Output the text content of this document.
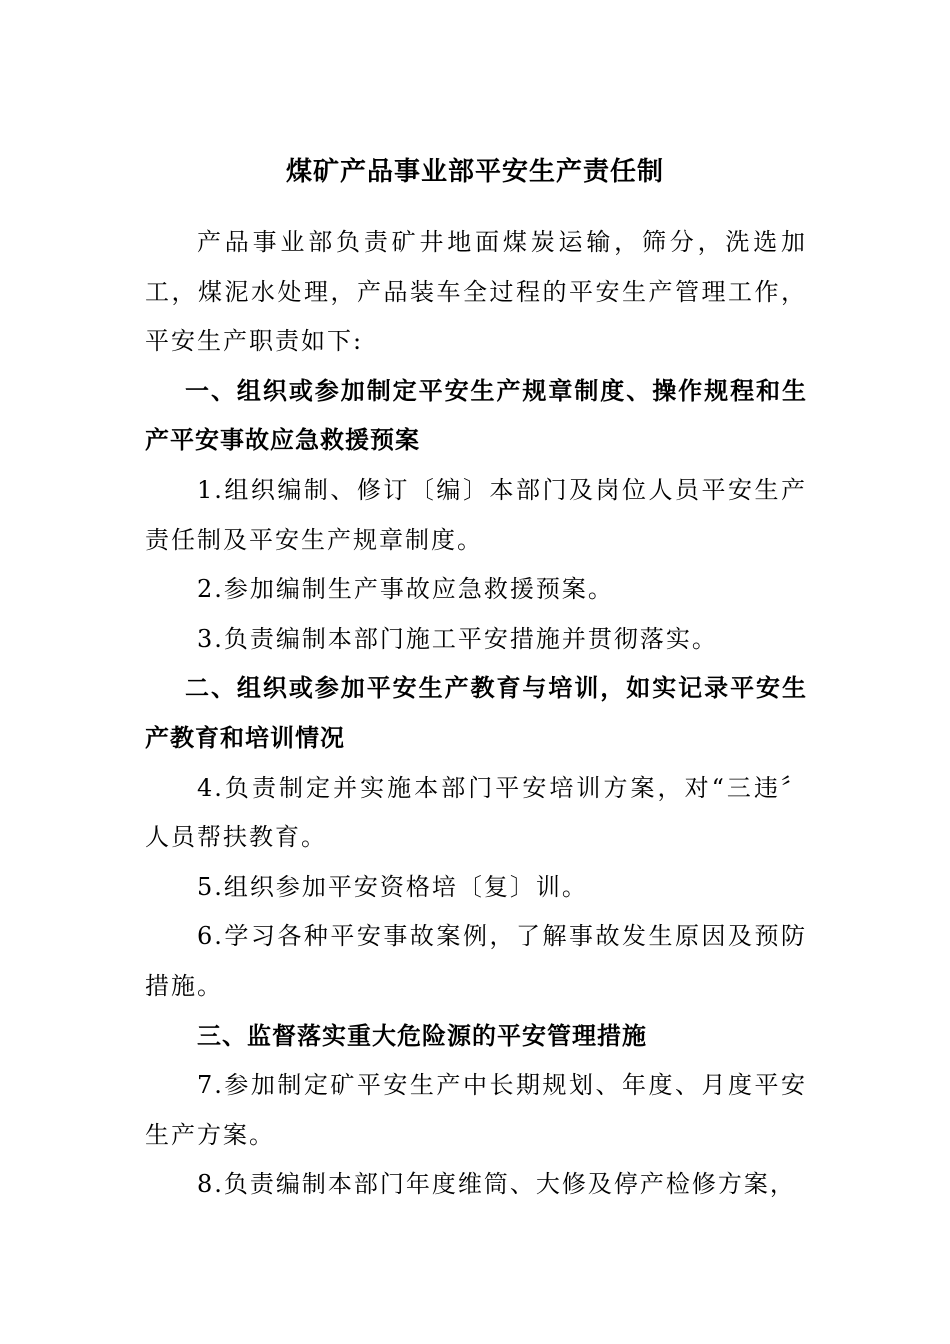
煤矿产品事业部平安生产责任制

产品事业部负责矿井地面煤炭运输，筛分，洗选加工，煤泥水处理，产品装车全过程的平安生产管理工作，平安生产职责如下:

一、组织或参加制定平安生产规章制度、操作规程和生产平安事故应急救援预案

1.组织编制、修订〔编〕本部门及岗位人员平安生产责任制及平安生产规章制度。

2.参加编制生产事故应急救援预案。

3.负责编制本部门施工平安措施并贯彻落实。

二、组织或参加平安生产教育与培训，如实记录平安生产教育和培训情况

4.负责制定并实施本部门平安培训方案，对“三违〞人员帮扶教育。

5.组织参加平安资格培〔复〕训。

6.学习各种平安事故案例，了解事故发生原因及预防措施。

三、监督落实重大危险源的平安管理措施

7.参加制定矿平安生产中长期规划、年度、月度平安生产方案。

8.负责编制本部门年度维筒、大修及停产检修方案，
